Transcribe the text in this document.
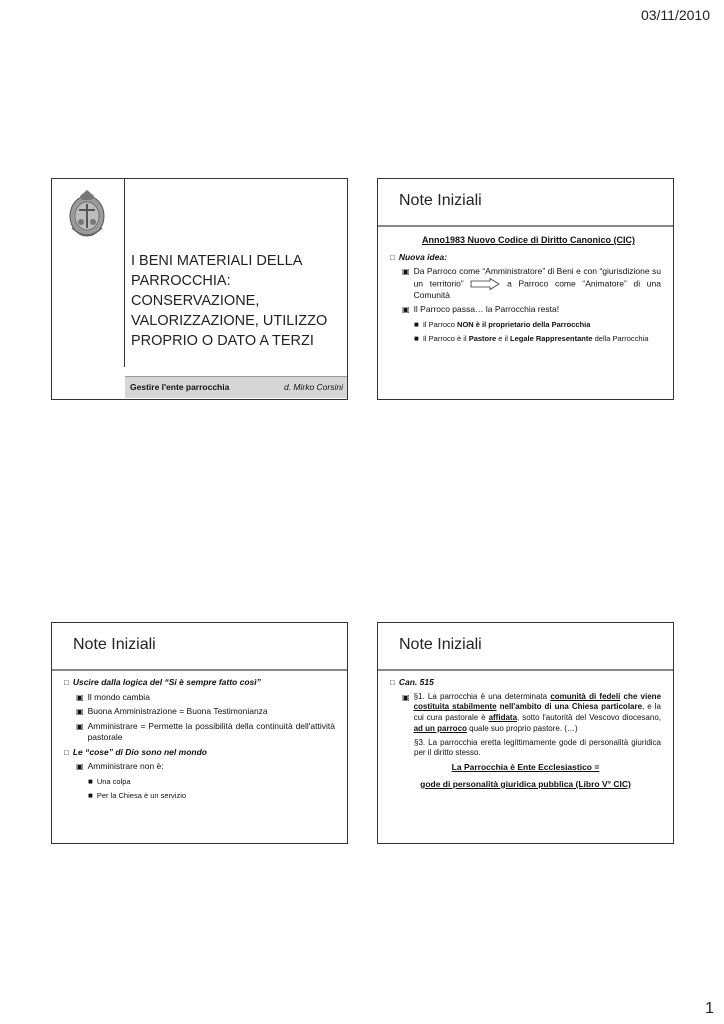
03/11/2010
I BENI MATERIALI DELLA
PARROCCHIA:
CONSERVAZIONE,
VALORIZZAZIONE, UTILIZZO
PROPRIO O DATO A TERZI
Gestire l'ente parrocchia	d. Mirko Corsini
Note Iniziali
Anno1983 Nuovo Codice di Diritto Canonico (CIC)
□ Nuova idea:
▣ Da Parroco come “Amministratore” di Beni e con “giurisdizione su un territorio”	a Parroco come “Animatore” di una Comunità
▣ Il Parroco passa… la Parrocchia resta!
■ Il Parroco NON è il proprietario della Parrocchia
■ Il Parroco è il Pastore e il Legale Rappresentante della Parrocchia
Note Iniziali
□ Uscire dalla logica del “Si è sempre fatto così”
▣ Il mondo cambia
▣ Buona Amministrazione = Buona Testimonianza
▣ Amministrare = Permette la possibilità della continuità dell'attività pastorale
□ Le “cose” di Dio sono nel mondo
▣ Amministrare non è:
■ Una colpa
■ Per la Chiesa è un servizio
Note Iniziali
□ Can. 515
▣ §1. La parrocchia è una determinata comunità di fedeli che viene costituita stabilmente nell'ambito di una Chiesa particolare, e la cui cura pastorale è affidata, sotto l'autorità del Vescovo diocesano, ad un parroco quale suo proprio pastore. (…)
§3. La parrocchia eretta legittimamente gode di personalità giuridica per il diritto stesso.
La Parrocchia è Ente Ecclesiastico =
gode di personalità giuridica pubblica (Libro V° CIC)
1
